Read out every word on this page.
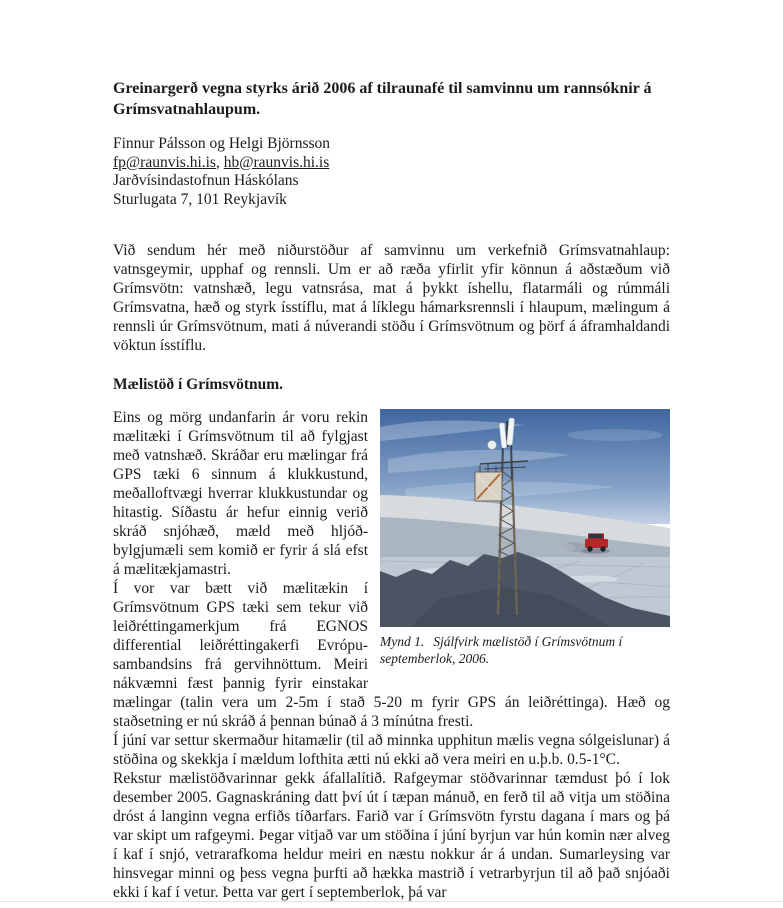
Greinargerð vegna styrks árið 2006 af tilraunafé til samvinnu um rannsóknir á Grímsvatnahlaupum.
Finnur Pálsson og Helgi Björnsson
fp@raunvis.hi.is, hb@raunvis.hi.is
Jarðvísindastofnun Háskólans
Sturlugata 7, 101 Reykjavík

Við sendum hér með niðurstöður af samvinnu um verkefnið Grímsvatnahlaup: vatnsgeymir, upphaf og rennsli. Um er að ræða yfirlit yfir könnun á aðstæðum við Grímsvötn: vatnshæð, legu vatnsrása, mat á þykkt íshellu, flatarmáli og rúmmáli Grímsvatna, hæð og styrk ísstíflu, mat á líklegu hámarksrennsli í hlaupum, mælingum á rennsli úr Grímsvötnum, mati á núverandi stöðu í Grímsvötnum og þörf á áframhaldandi vöktun ísstíflu.

Mælistöð í Grímsvötnum.
Mynd 1. Sjálfvirk mælistöð í Grímsvötnum í septemberlok, 2006.

Eins og mörg undanfarin ár voru rekin mælitæki í Grímsvötnum til að fylgjast með vatnshæð. Skráðar eru mælingar frá GPS tæki 6 sinnum á klukkustund, meðalloftvægi hverrar klukkustundar og hitastig. Síðastu ár hefur einnig verið skráð snjóhæð, mæld með hljóð-bylgjumæli sem komið er fyrir á slá efst á mælitækjamastri.

Í vor var bætt við mælitækin í Grímsvötnum GPS tæki sem tekur við leiðréttingamerkjum frá EGNOS differential leiðréttingakerfi Evrópu-sambandsins frá gervihnöttum. Meiri nákvæmni fæst þannig fyrir einstakar mælingar (talin vera um 2-5m í stað 5-20 m fyrir GPS án leiðréttinga). Hæð og staðsetning er nú skráð á þennan búnað á 3 mínútna fresti.

Í júní var settur skermaður hitamælir (til að minnka upphitun mælis vegna sólgeislunar) á stöðina og skekkja í mældum lofthita ætti nú ekki að vera meiri en u.þ.b. 0.5-1°C.

Rekstur mælistöðvarinnar gekk áfallalítið. Rafgeymar stöðvarinnar tæmdust þó í lok desember 2005. Gagnaskráning datt því út í tæpan mánuð, en ferð til að vitja um stöðina dróst á langinn vegna erfiðs tíðarfars. Farið var í Grímsvötn fyrstu dagana í mars og þá var skipt um rafgeymi. Þegar vitjað var um stöðina í júní byrjun var hún komin nær alveg í kaf í snjó, vetrarafkoma heldur meiri en næstu nokkur ár á undan. Sumarleysing var hinsvegar minni og þess vegna þurfti að hækka mastrið í vetrarbyrjun til að það snjóaði ekki í kaf í vetur. Þetta var gert í septemberlok, þá var
